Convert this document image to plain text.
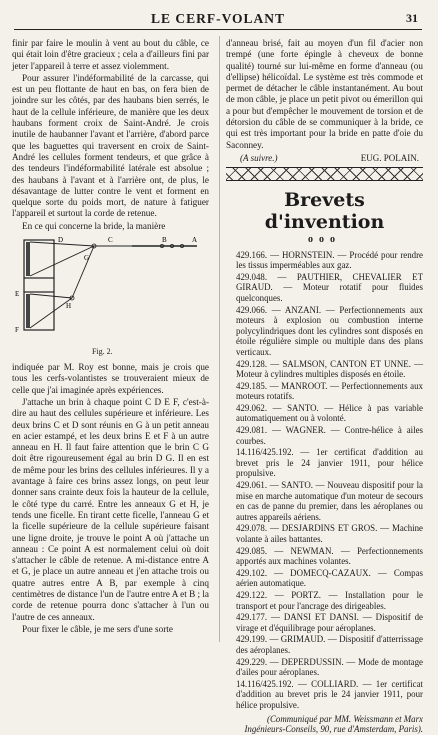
LE CERF-VOLANT	31

finir par faire le moulin à vent au bout du câble, ce qui était loin d'être gracieux ; cela a d'ailleurs fini par jeter l'appareil à terre et assez violemment.

Pour assurer l'indéformabilité de la carcasse, qui est un peu flottante de haut en bas, on fera bien de joindre sur les côtés, par des haubans bien serrés, le haut de la cellule inférieure, de manière que les deux haubans forment croix de Saint-André. Je crois inutile de haubanner l'avant et l'arrière, d'abord parce que les baguettes qui traversent en croix de Saint-André les cellules forment tendeurs, et que grâce à des tendeurs l'indéformabilité latérale est absolue ; des haubans à l'avant et à l'arrière ont, de plus, le désavantage de lutter contre le vent et forment en quelque sorte du poids mort, de nature à fatiguer l'appareil et surtout la corde de retenue.

En ce qui concerne la bride, la manière

D	C	B	A
E
F
G
H
Fig. 2.

indiquée par M. Roy est bonne, mais je crois que tous les cerfs-volantistes se trouveraient mieux de celle que j'ai imaginée après expériences.

J'attache un brin à chaque point C D E F, c'est-à-dire au haut des cellules supérieure et inférieure. Les deux brins C et D sont réunis en G à un petit anneau en acier estampé, et les deux brins E et F à un autre anneau en H. Il faut faire attention que le brin C G doit être rigoureusement égal au brin D G. Il en est de même pour les brins des cellules inférieures. Il y a avantage à faire ces brins assez longs, on peut leur donner sans crainte deux fois la hauteur de la cellule, le côté type du carré. Entre les anneaux G et H, je tends une ficelle. En tirant cette ficelle, l'anneau G et la ficelle supérieure de la cellule supérieure faisant une ligne droite, je trouve le point A où j'attache un anneau : Ce point A est normalement celui où doit s'attacher le câble de retenue. A mi-distance entre A et G, je place un autre anneau et j'en attache trois ou quatre autres entre A B, par exemple à cinq centimètres de distance l'un de l'autre entre A et B ; la corde de retenue pourra donc s'attacher à l'un ou l'autre de ces anneaux.

Pour fixer le câble, je me sers d'une sorte

d'anneau brisé, fait au moyen d'un fil d'acier non trempé (une forte épingle à cheveux de bonne qualité) tourné sur lui-même en forme d'anneau (ou d'ellipse) hélicoïdal. Le système est très commode et permet de détacher le câble instantanément. Au bout de mon câble, je place un petit pivot ou émerillon qui a pour but d'empêcher le mouvement de torsion et de détorsion du câble de se communiquer à la bride, ce qui est très important pour la bride en patte d'oie du Saconney.

(A suivre.)	EUG. POLAIN.
Brevets d'invention
ooo

429.166. — HORNSTEIN. — Procédé pour rendre les tissus imperméables aux gaz.

429.048. — PAUTHIER, CHEVALIER ET GIRAUD. — Moteur rotatif pour fluides quelconques.

429.066. — ANZANI. — Perfectionnements aux moteurs à explosion ou combustion interne polycylindriques dont les cylindres sont disposés en étoile régulière simple ou multiple dans des plans verticaux.

429.128. — SALMSON, CANTON ET UNNE. — Moteur à cylindres multiples disposés en étoile.

429.185. — MANROOT. — Perfectionnements aux moteurs rotatifs.

429.062. — SANTO. — Hélice à pas variable automatiquement ou à volonté.

429.081. — WAGNER. — Contre-hélice à ailes courbes.

14.116/425.192. — 1er certificat d'addition au brevet pris le 24 janvier 1911, pour hélice propulsive.

429.061. — SANTO. — Nouveau dispositif pour la mise en marche automatique d'un moteur de secours en cas de panne du premier, dans les aéroplanes ou autres appareils aériens.

429.078. — DESJARDINS ET GROS. — Machine volante à ailes battantes.

429.085. — NEWMAN. — Perfectionnements apportés aux machines volantes.

429.102. — DOMECQ-CAZAUX. — Compas aérien automatique.

429.122. — PORTZ. — Installation pour le transport et pour l'ancrage des dirigeables.

429.177. — DANSI ET DANSI. — Dispositif de virage et d'équilibrage pour aéroplanes.

429.199. — GRIMAUD. — Dispositif d'atterrissage des aéroplanes.

429.229. — DEPERDUSSIN. — Mode de montage d'ailes pour aéroplanes.

14.116/425.192. — COLLIARD. — 1er certificat d'addition au brevet pris le 24 janvier 1911, pour hélice propulsive.

(Communiqué par MM. Weissmann et Marx Ingénieurs-Conseils, 90, rue d'Amsterdam, Paris).
